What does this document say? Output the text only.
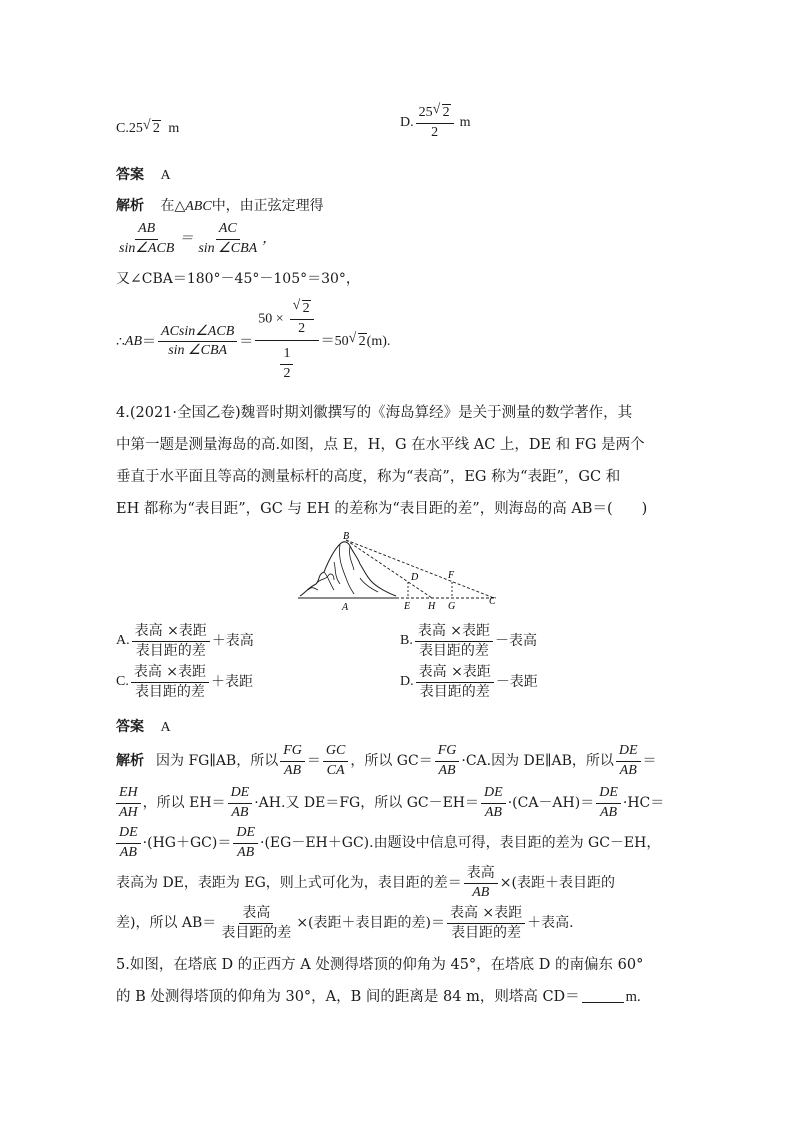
C.25 √ 2 m	D. $\frac{25 √ 2}{2}$ m
答案 A
解析 在△ABC中，由正弦定理得
$\frac{AB}{\text{sin∠ACB}} = \frac{AC}{\text{sin ∠CBA}}$ ，
又∠CBA＝180°－45°－105°＝30°，
∴AB＝ $\frac{\text{ACsin∠ACB}}{\text{sin ∠CBA}} = \frac{50 \times \frac{√ 2}{2}}{\frac{1}{2}} =50$ √ 2(m).
4.(2021·全国乙卷)魏晋时期刘徽撰写的《海岛算经》是关于测量的数学著作，其
中第一题是测量海岛的高.如图，点 E，H，G 在水平线 AC 上，DE 和 FG 是两个
垂直于水平面且等高的测量标杆的高度，称为“表高”，EG 称为“表距”，GC 和
EH 都称为“表目距”，GC 与 EH 的差称为“表目距的差”，则海岛的高 AB＝(　　)
B
D	F
A	E H G	C
A. $\frac{\text{表高 ×表距}}{\text{表目距的差}}$ ＋表高	B. $\frac{\text{表高 ×表距}}{\text{表目距的差}}$ －表高
C. $\frac{\text{表高 ×表距}}{\text{表目距的差}}$ ＋表距	D. $\frac{\text{表高 ×表距}}{\text{表目距的差}}$ －表距
答案 A
解析 因为 FG∥AB，所以 $\frac{FG}{AB} = \frac{GC}{CA}$ ，所以 $GC= \frac{FG}{AB} \cdot CA$.因为 DE∥AB，所以 $\frac{DE}{AB}$ ＝
$\frac{EH}{AH}$ ，所以 $EH= \frac{DE}{AB} \cdot AH$.又 DE＝FG，所以 $GC-EH= \frac{DE}{AB} \cdot(CA-AH)= \frac{DE}{AB} \cdot HC=$
$\frac{DE}{AB} \cdot(HG+GC)= \frac{DE}{AB} \cdot(EG-EH+GC)$.由题设中信息可得，表目距的差为 GC－EH，
表高为 DE，表距为 EG，则上式可化为，表目距的差＝ $\frac{\text{表高}}{AB}$ ×(表距＋表目距的
差)，所以 $AB= \frac{\text{表高}}{\text{表目距的差}}$ ×(表距＋表目距的差)＝ $\frac{\text{表高 ×表距}}{\text{表目距的差}}$ ＋表高.
5.如图，在塔底 D 的正西方 A 处测得塔顶的仰角为 45°，在塔底 D 的南偏东 60°
的 B 处测得塔顶的仰角为 30°，A，B 间的距离是 84 m，则塔高 CD＝	m.
